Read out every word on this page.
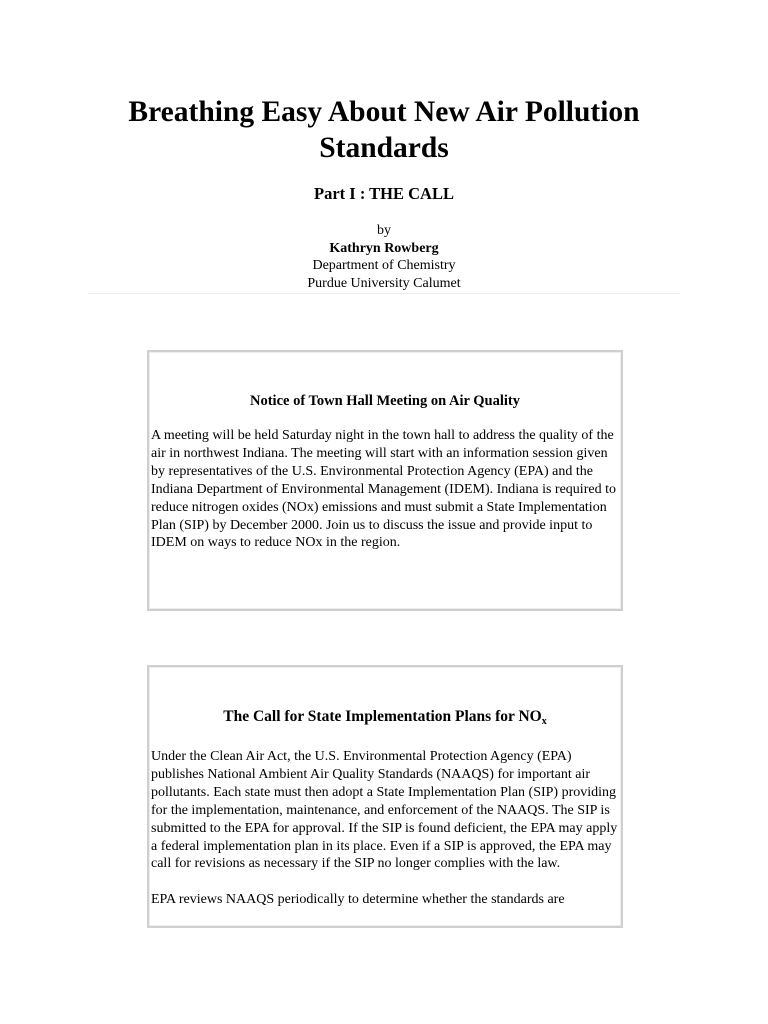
Breathing Easy About New Air Pollution Standards
Part I : THE CALL
by
Kathryn Rowberg
Department of Chemistry
Purdue University Calumet
Notice of Town Hall Meeting on Air Quality

A meeting will be held Saturday night in the town hall to address the quality of the air in northwest Indiana. The meeting will start with an information session given by representatives of the U.S. Environmental Protection Agency (EPA) and the Indiana Department of Environmental Management (IDEM). Indiana is required to reduce nitrogen oxides (NOx) emissions and must submit a State Implementation Plan (SIP) by December 2000. Join us to discuss the issue and provide input to IDEM on ways to reduce NOx in the region.

The Call for State Implementation Plans for $NO_x$

Under the Clean Air Act, the U.S. Environmental Protection Agency (EPA) publishes National Ambient Air Quality Standards (NAAQS) for important air pollutants. Each state must then adopt a State Implementation Plan (SIP) providing for the implementation, maintenance, and enforcement of the NAAQS. The SIP is submitted to the EPA for approval. If the SIP is found deficient, the EPA may apply a federal implementation plan in its place. Even if a SIP is approved, the EPA may call for revisions as necessary if the SIP no longer complies with the law.

EPA reviews NAAQS periodically to determine whether the standards are
